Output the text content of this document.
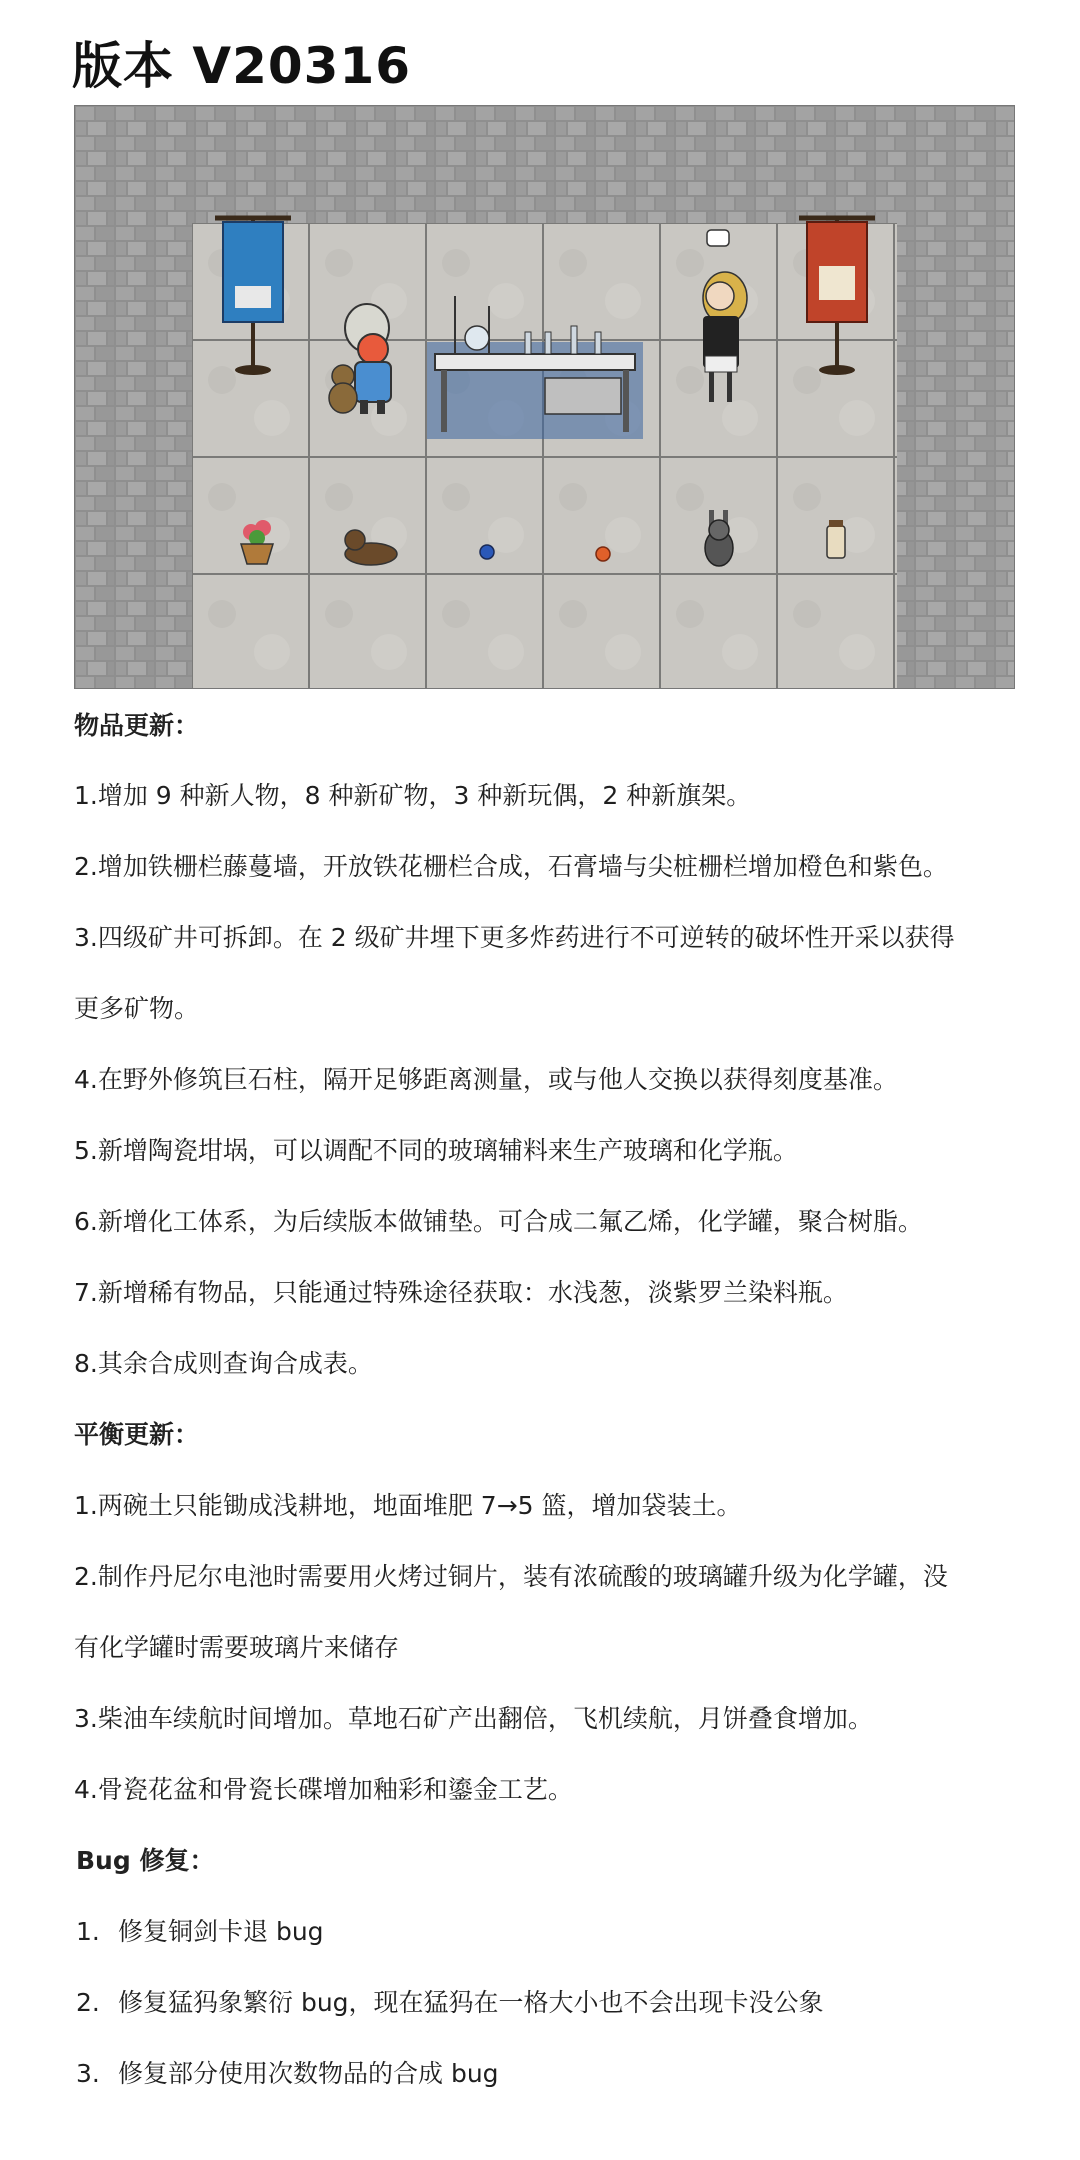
版本 V20316
物品更新：
1.增加 9 种新人物，8 种新矿物，3 种新玩偶，2 种新旗架。
2.增加铁栅栏藤蔓墙，开放铁花栅栏合成，石膏墙与尖桩栅栏增加橙色和紫色。
3.四级矿井可拆卸。在 2 级矿井埋下更多炸药进行不可逆转的破坏性开采以获得
更多矿物。
4.在野外修筑巨石柱，隔开足够距离测量，或与他人交换以获得刻度基准。
5.新增陶瓷坩埚，可以调配不同的玻璃辅料来生产玻璃和化学瓶。
6.新增化工体系，为后续版本做铺垫。可合成二氟乙烯，化学罐，聚合树脂。
7.新增稀有物品，只能通过特殊途径获取：水浅葱，淡紫罗兰染料瓶。
8.其余合成则查询合成表。
平衡更新：
1.两碗土只能锄成浅耕地，地面堆肥 7→5 篮，增加袋装土。
2.制作丹尼尔电池时需要用火烤过铜片，装有浓硫酸的玻璃罐升级为化学罐，没
有化学罐时需要玻璃片来储存
3.柴油车续航时间增加。草地石矿产出翻倍，飞机续航，月饼叠食增加。
4.骨瓷花盆和骨瓷长碟增加釉彩和鎏金工艺。
Bug 修复：
1. 修复铜剑卡退 bug
2. 修复猛犸象繁衍 bug，现在猛犸在一格大小也不会出现卡没公象
3. 修复部分使用次数物品的合成 bug
